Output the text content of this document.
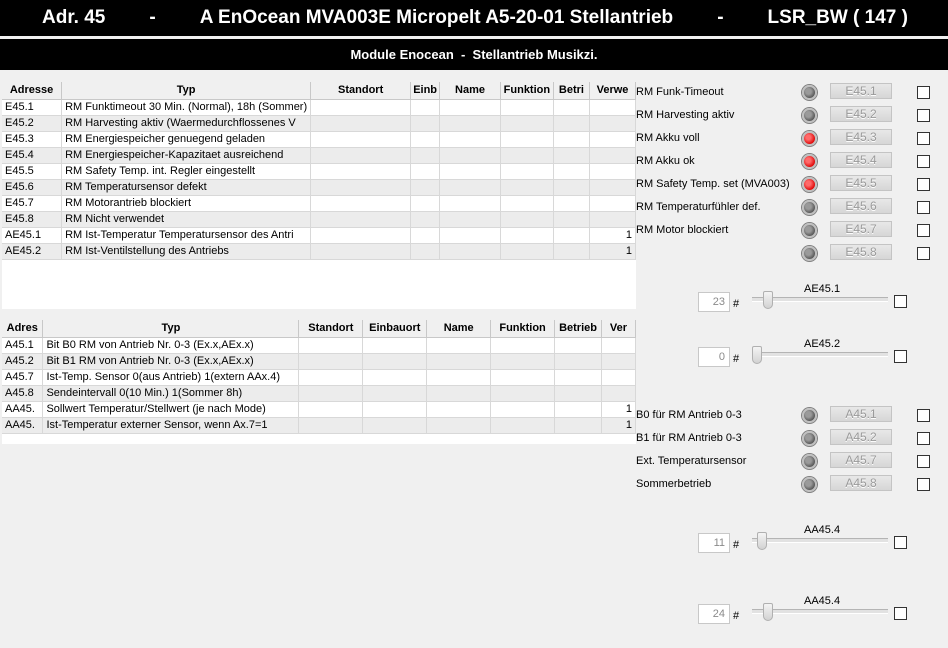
Adr. 45 - A EnOcean MVA003E Micropelt A5-20-01 Stellantrieb - LSR_BW ( 147 )
Module Enocean  -  Stellantrieb Musikzi.
Adresse	Typ	Standort	Einb	Name	Funktion	Betri	Verwe
E45.1	RM Funktimeout 30 Min. (Normal), 18h (Sommer)						
E45.2	RM Harvesting aktiv (Waermedurchflossenes V						
E45.3	RM Energiespeicher genuegend geladen						
E45.4	RM Energiespeicher-Kapazitaet ausreichend						
E45.5	RM Safety Temp. int. Regler eingestellt						
E45.6	RM Temperatursensor defekt						
E45.7	RM Motorantrieb blockiert						
E45.8	RM Nicht verwendet						
AE45.1	RM Ist-Temperatur Temperatursensor des Antri						1
AE45.2	RM Ist-Ventilstellung des Antriebs						1
Adres	Typ	Standort	Einbauort	Name	Funktion	Betrieb	Ver
A45.1	Bit B0 RM von Antrieb Nr. 0-3 (Ex.x,AEx.x)						
A45.2	Bit B1 RM von Antrieb Nr. 0-3 (Ex.x,AEx.x)						
A45.7	Ist-Temp. Sensor 0(aus Antrieb) 1(extern AAx.4)						
A45.8	Sendeintervall 0(10 Min.) 1(Sommer 8h)						
AA45.	Sollwert Temperatur/Stellwert (je nach Mode)						1
AA45.	Ist-Temperatur externer Sensor, wenn Ax.7=1						1
RM Funk-Timeout	E45.1
RM Harvesting aktiv	E45.2
RM Akku voll	E45.3
RM Akku ok	E45.4
RM Safety Temp. set (MVA003)	E45.5
RM Temperaturfühler def.	E45.6
RM Motor blockiert	E45.7
E45.8
AE45.1
23 #
AE45.2
0 #
B0 für RM Antrieb 0-3	A45.1
B1 für RM Antrieb 0-3	A45.2
Ext. Temperatursensor	A45.7
Sommerbetrieb	A45.8
AA45.4
11 #
AA45.4
24 #
